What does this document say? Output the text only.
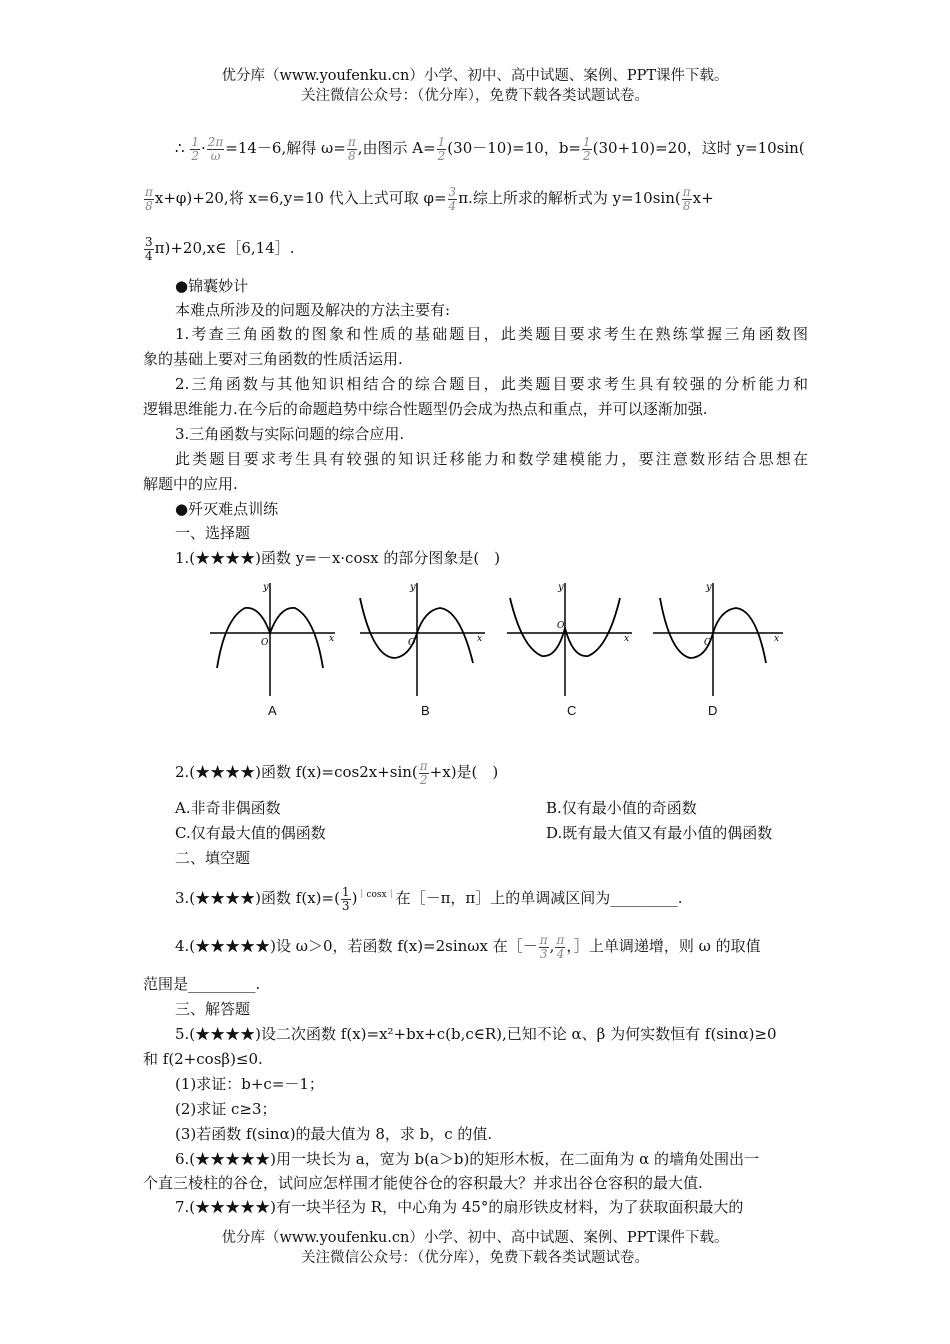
优分库（www.youfenku.cn）小学、初中、高中试题、案例、PPT课件下载。
关注微信公众号：（优分库），免费下载各类试题试卷。
∴ $\frac{1}{2} \cdot \frac{2\pi}{\omega} =14-6$,解得 $\omega= \frac{\pi}{8}$ ,由图示 $A= \frac{1}{2} (30-10)=10$，$b= \frac{1}{2} (30+10)=20$，这时 y=10sin(
$\frac{\pi}{8} x+\varphi)+20$,将 x=6,y=10 代入上式可取 $\varphi= \frac{3}{4} \pi$.综上所求的解析式为 $y=10\sin( \frac{\pi}{8} x+$
$\frac{3}{4}$ π)+20,x∈［6,14］.
●锦囊妙计
本难点所涉及的问题及解决的方法主要有:
1.考查三角函数的图象和性质的基础题目，此类题目要求考生在熟练掌握三角函数图
象的基础上要对三角函数的性质活运用.
2.三角函数与其他知识相结合的综合题目，此类题目要求考生具有较强的分析能力和
逻辑思维能力.在今后的命题趋势中综合性题型仍会成为热点和重点，并可以逐渐加强.
3.三角函数与实际问题的综合应用.
此类题目要求考生具有较强的知识迁移能力和数学建模能力，要注意数形结合思想在
解题中的应用.
●歼灭难点训练
一、选择题
1.(★★★★)函数 y=－x·cosx 的部分图象是(　)
y
x
O
y
x
O
y
x
O
y
x
O
A	B	C	D
2.(★★★★)函数 $f(x)=\cos 2x+\sin( \frac{\pi}{2} +x)$是(　)
A.非奇非偶函数	B.仅有最小值的奇函数
C.仅有最大值的偶函数	D.既有最大值又有最小值的偶函数
二、填空题
3.(★★★★)函数 $f(x)=( \frac{1}{3} )^{|cosx|}$在［－π，π］上的单调减区间为_________.
4.(★★★★★)设 ω＞0，若函数 f(x)=2sinωx 在［－ $\frac{\pi}{3}$ , $\frac{\pi}{4}$ ，］上单调递增，则 ω 的取值
范围是_________.
三、解答题
5.(★★★★)设二次函数 f(x)=x²+bx+c(b,c∈R),已知不论 α、β 为何实数恒有 f(sinα)≥0
和 f(2+cosβ)≤0.
(1)求证：b+c=－1；
(2)求证 c≥3；
(3)若函数 f(sinα)的最大值为 8，求 b，c 的值.
6.(★★★★★)用一块长为 a，宽为 b(a＞b)的矩形木板，在二面角为 α 的墙角处围出一
个直三棱柱的谷仓，试问应怎样围才能使谷仓的容积最大？并求出谷仓容积的最大值.
7.(★★★★★)有一块半径为 R，中心角为 45°的扇形铁皮材料，为了获取面积最大的
优分库（www.youfenku.cn）小学、初中、高中试题、案例、PPT课件下载。
关注微信公众号：（优分库），免费下载各类试题试卷。
